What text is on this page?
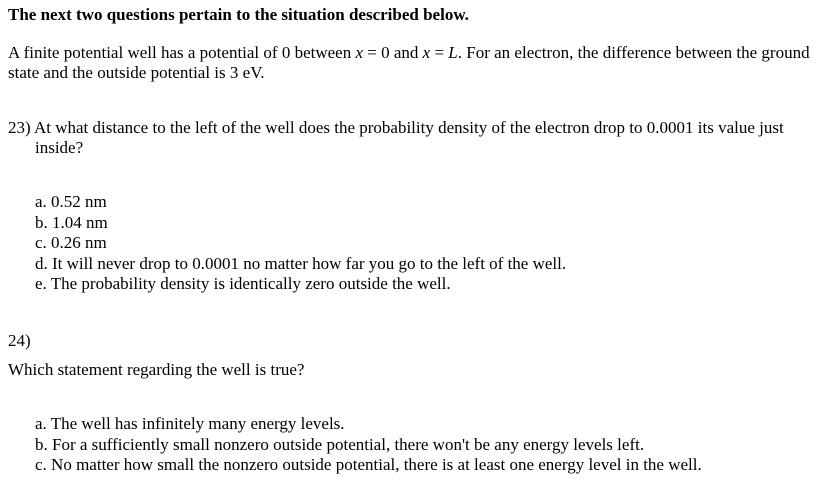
The next two questions pertain to the situation described below.

A finite potential well has a potential of 0 between x = 0 and x = L. For an electron, the difference between the ground state and the outside potential is 3 eV.

23) At what distance to the left of the well does the probability density of the electron drop to 0.0001 its value just inside?

a. 0.52 nm
b. 1.04 nm
c. 0.26 nm
d. It will never drop to 0.0001 no matter how far you go to the left of the well.
e. The probability density is identically zero outside the well.

24)

Which statement regarding the well is true?

a. The well has infinitely many energy levels.
b. For a sufficiently small nonzero outside potential, there won't be any energy levels left.
c. No matter how small the nonzero outside potential, there is at least one energy level in the well.
